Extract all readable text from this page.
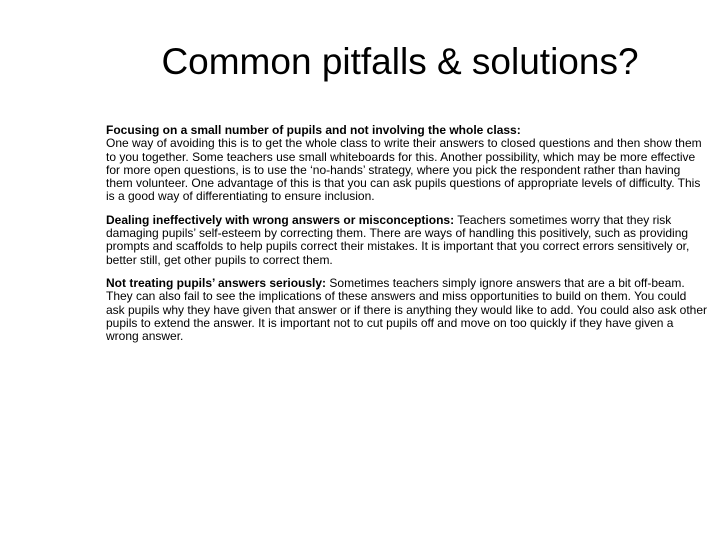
Common pitfalls & solutions?

Focusing on a small number of pupils and not involving the whole class:
One way of avoiding this is to get the whole class to write their answers to closed questions and then show them to you together. Some teachers use small whiteboards for this. Another possibility, which may be more effective for more open questions, is to use the ‘no-hands’ strategy, where you pick the respondent rather than having them volunteer. One advantage of this is that you can ask pupils questions of appropriate levels of difficulty. This is a good way of differentiating to ensure inclusion.

Dealing ineffectively with wrong answers or misconceptions: Teachers sometimes worry that they risk damaging pupils’ self-esteem by correcting them. There are ways of handling this positively, such as providing prompts and scaffolds to help pupils correct their mistakes. It is important that you correct errors sensitively or, better still, get other pupils to correct them.

Not treating pupils’ answers seriously: Sometimes teachers simply ignore answers that are a bit off-beam. They can also fail to see the implications of these answers and miss opportunities to build on them. You could ask pupils why they have given that answer or if there is anything they would like to add. You could also ask other pupils to extend the answer. It is important not to cut pupils off and move on too quickly if they have given a wrong answer.
